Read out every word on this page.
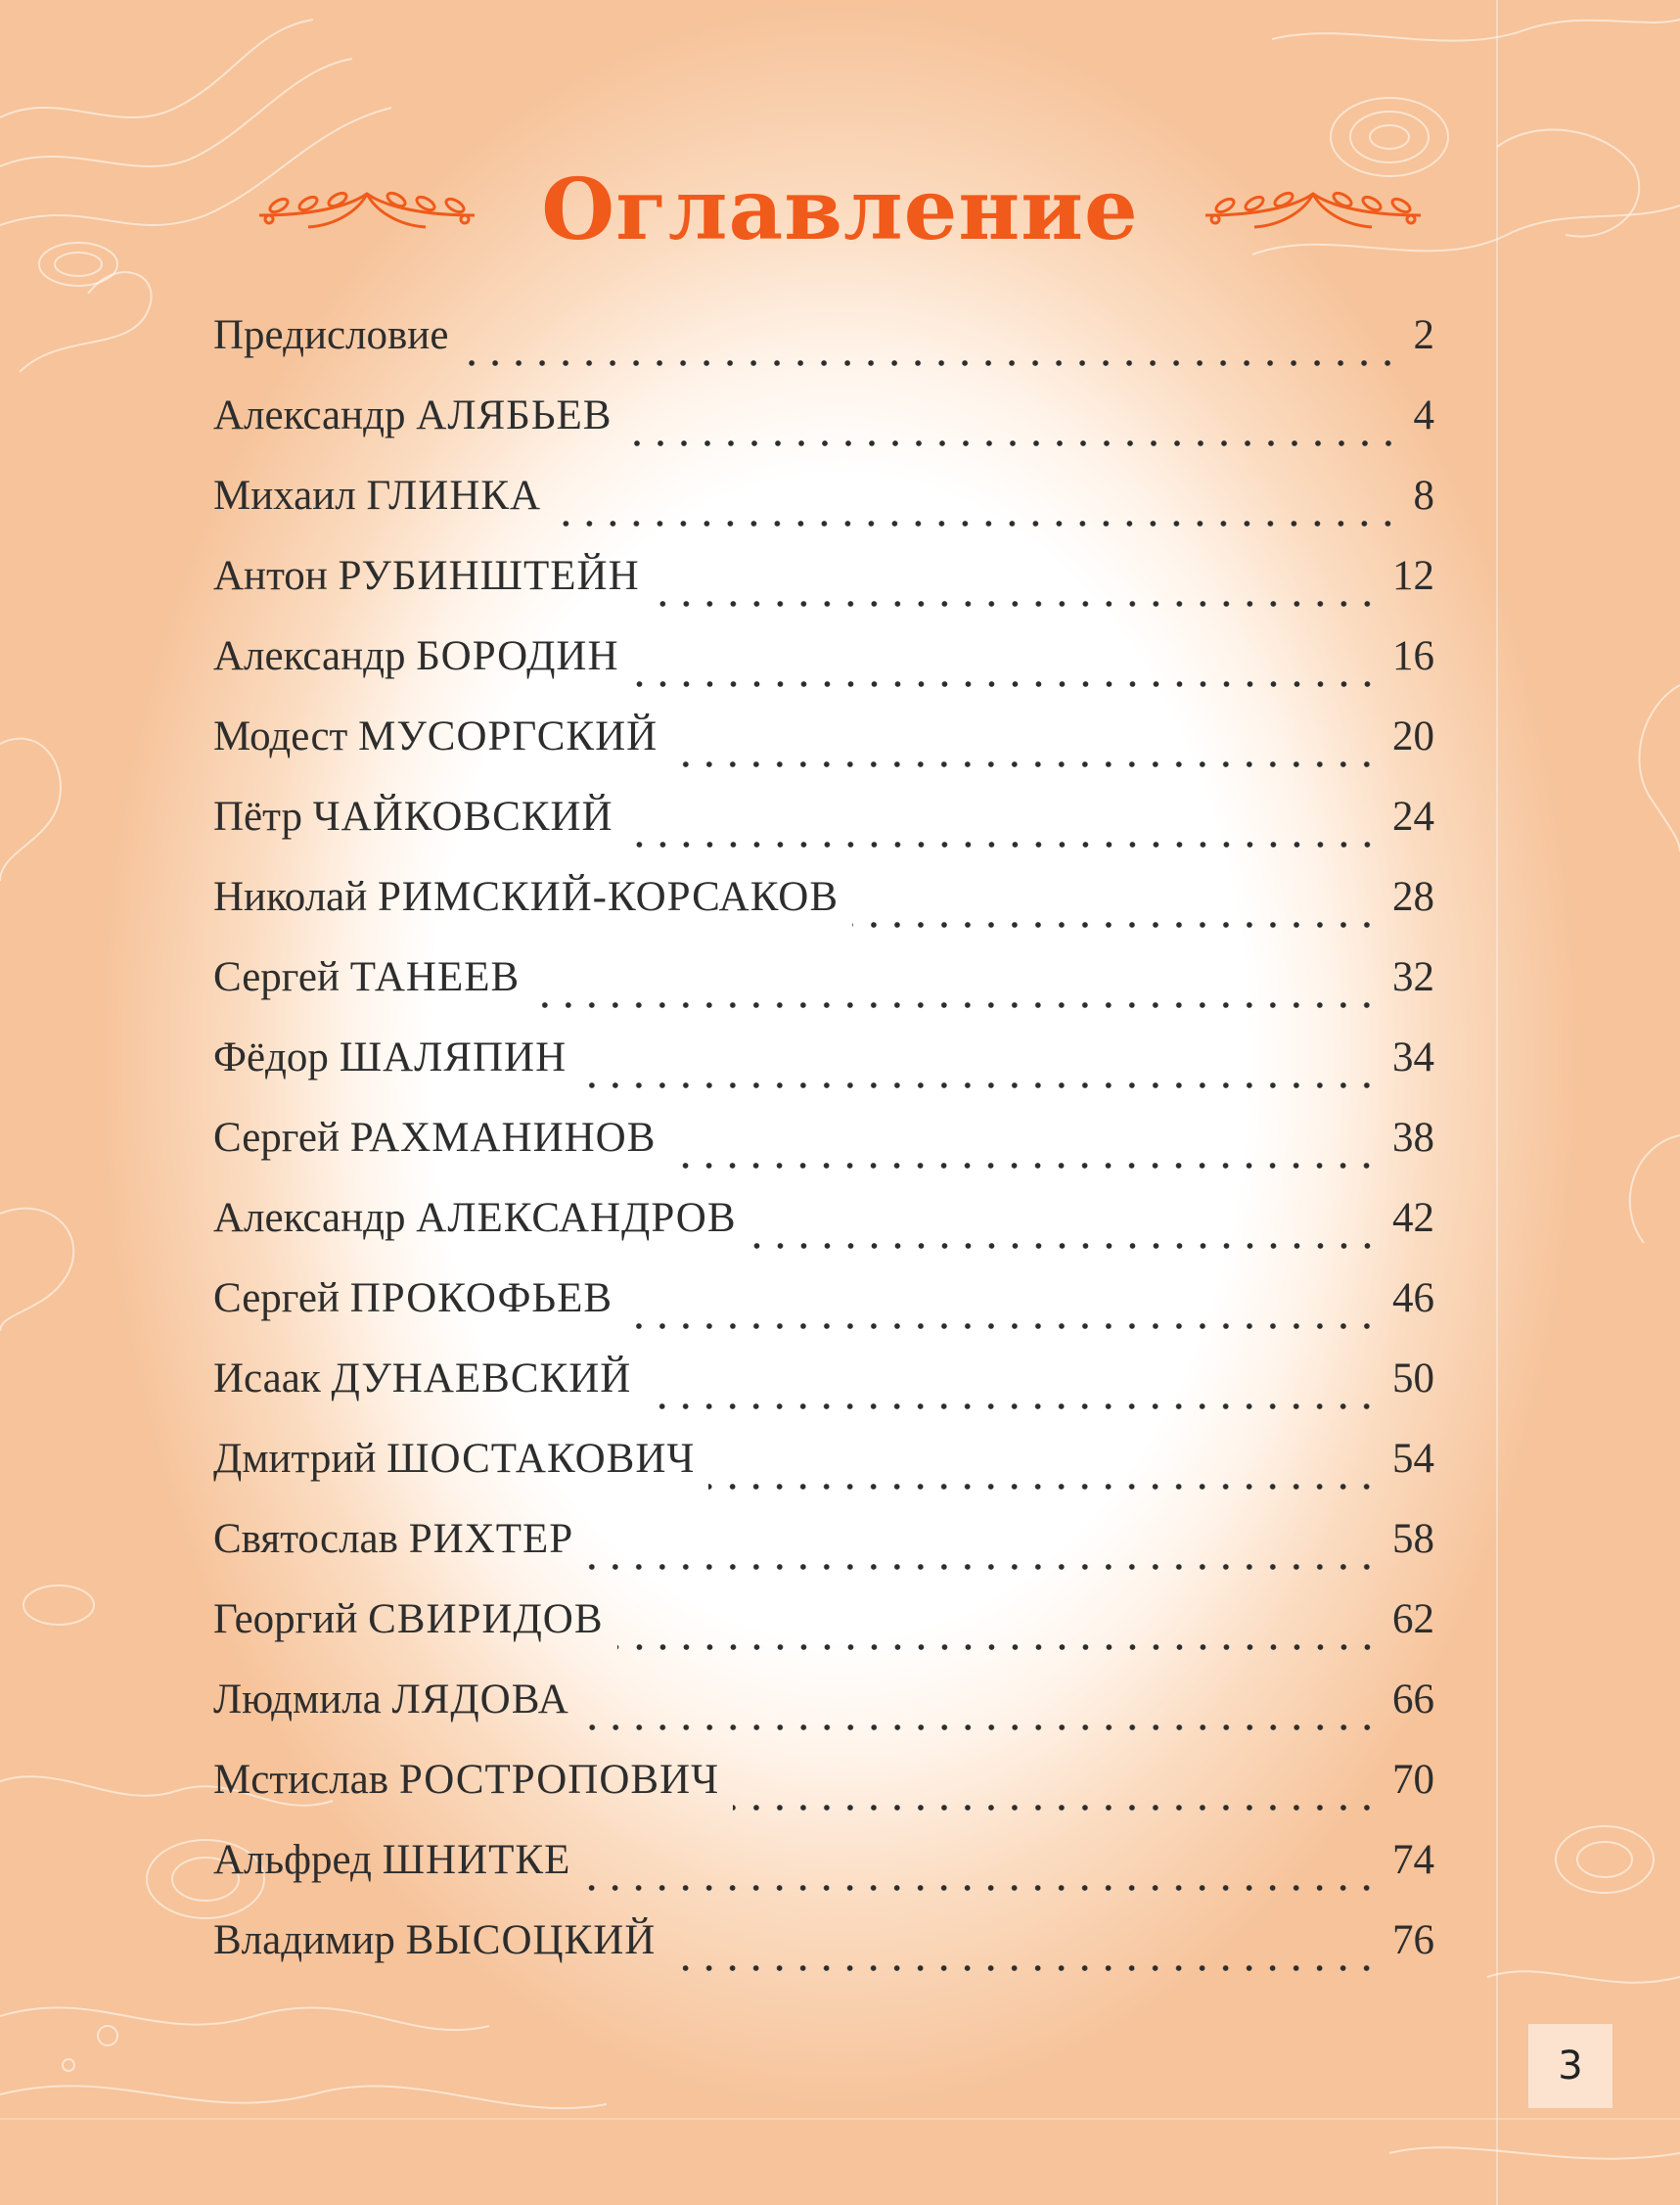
Оглавление
Предисловие	2
Александр АЛЯБЬЕВ	4
Михаил ГЛИНКА	8
Антон РУБИНШТЕЙН	12
Александр БОРОДИН	16
Модест МУСОРГСКИЙ	20
Пётр ЧАЙКОВСКИЙ	24
Николай РИМСКИЙ-КОРСАКОВ	28
Сергей ТАНЕЕВ	32
Фёдор ШАЛЯПИН	34
Сергей РАХМАНИНОВ	38
Александр АЛЕКСАНДРОВ	42
Сергей ПРОКОФЬЕВ	46
Исаак ДУНАЕВСКИЙ	50
Дмитрий ШОСТАКОВИЧ	54
Святослав РИХТЕР	58
Георгий СВИРИДОВ	62
Людмила ЛЯДОВА	66
Мстислав РОСТРОПОВИЧ	70
Альфред ШНИТКЕ	74
Владимир ВЫСОЦКИЙ	76
3
